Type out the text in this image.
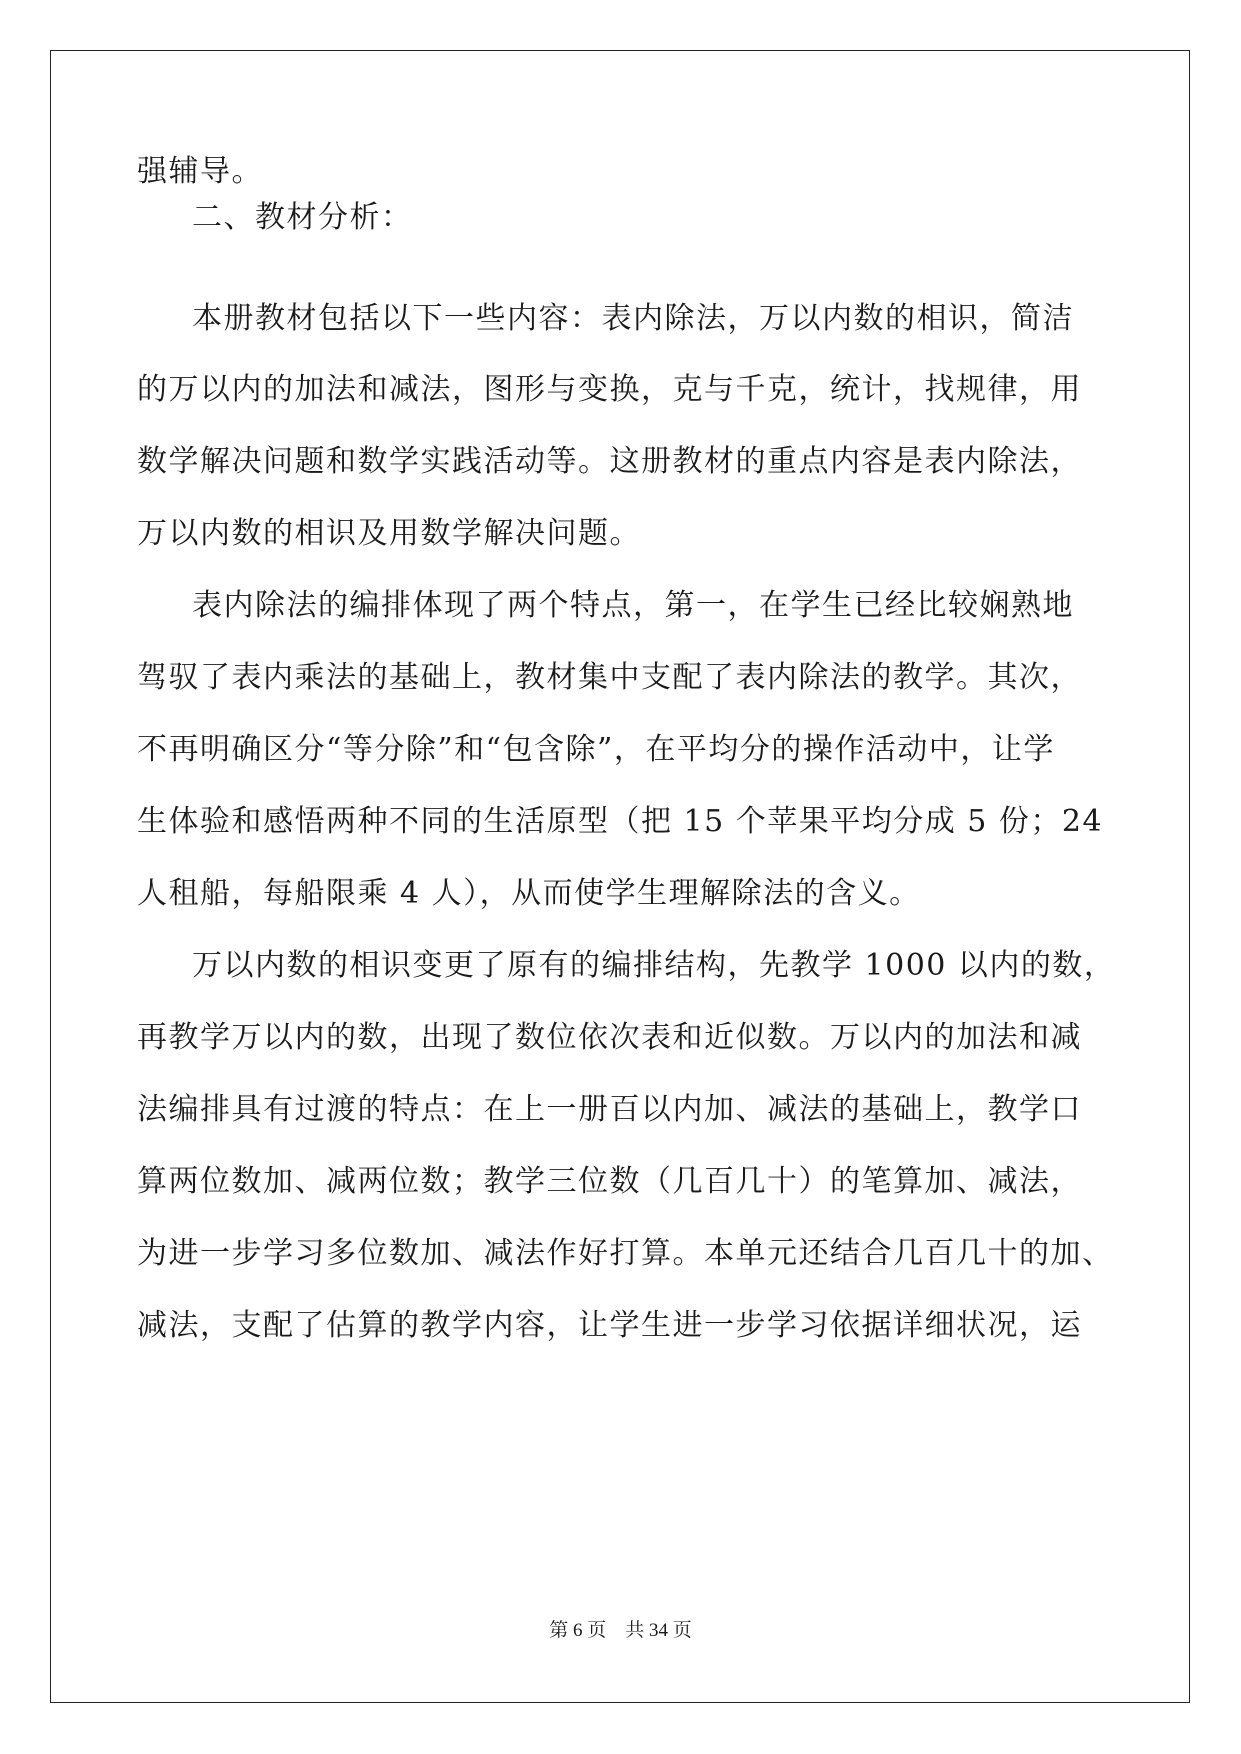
强辅导。
二、教材分析：
本册教材包括以下一些内容：表内除法，万以内数的相识，简洁
的万以内的加法和减法，图形与变换，克与千克，统计，找规律，用
数学解决问题和数学实践活动等。这册教材的重点内容是表内除法，
万以内数的相识及用数学解决问题。
表内除法的编排体现了两个特点，第一，在学生已经比较娴熟地
驾驭了表内乘法的基础上，教材集中支配了表内除法的教学。其次，
不再明确区分“等分除”和“包含除”，在平均分的操作活动中，让学
生体验和感悟两种不同的生活原型（把 15 个苹果平均分成 5 份；24
人租船，每船限乘 4 人），从而使学生理解除法的含义。
万以内数的相识变更了原有的编排结构，先教学 1000 以内的数，
再教学万以内的数，出现了数位依次表和近似数。万以内的加法和减
法编排具有过渡的特点：在上一册百以内加、减法的基础上，教学口
算两位数加、减两位数；教学三位数（几百几十）的笔算加、减法，
为进一步学习多位数加、减法作好打算。本单元还结合几百几十的加、
减法，支配了估算的教学内容，让学生进一步学习依据详细状况，运
第 6 页    共 34 页
